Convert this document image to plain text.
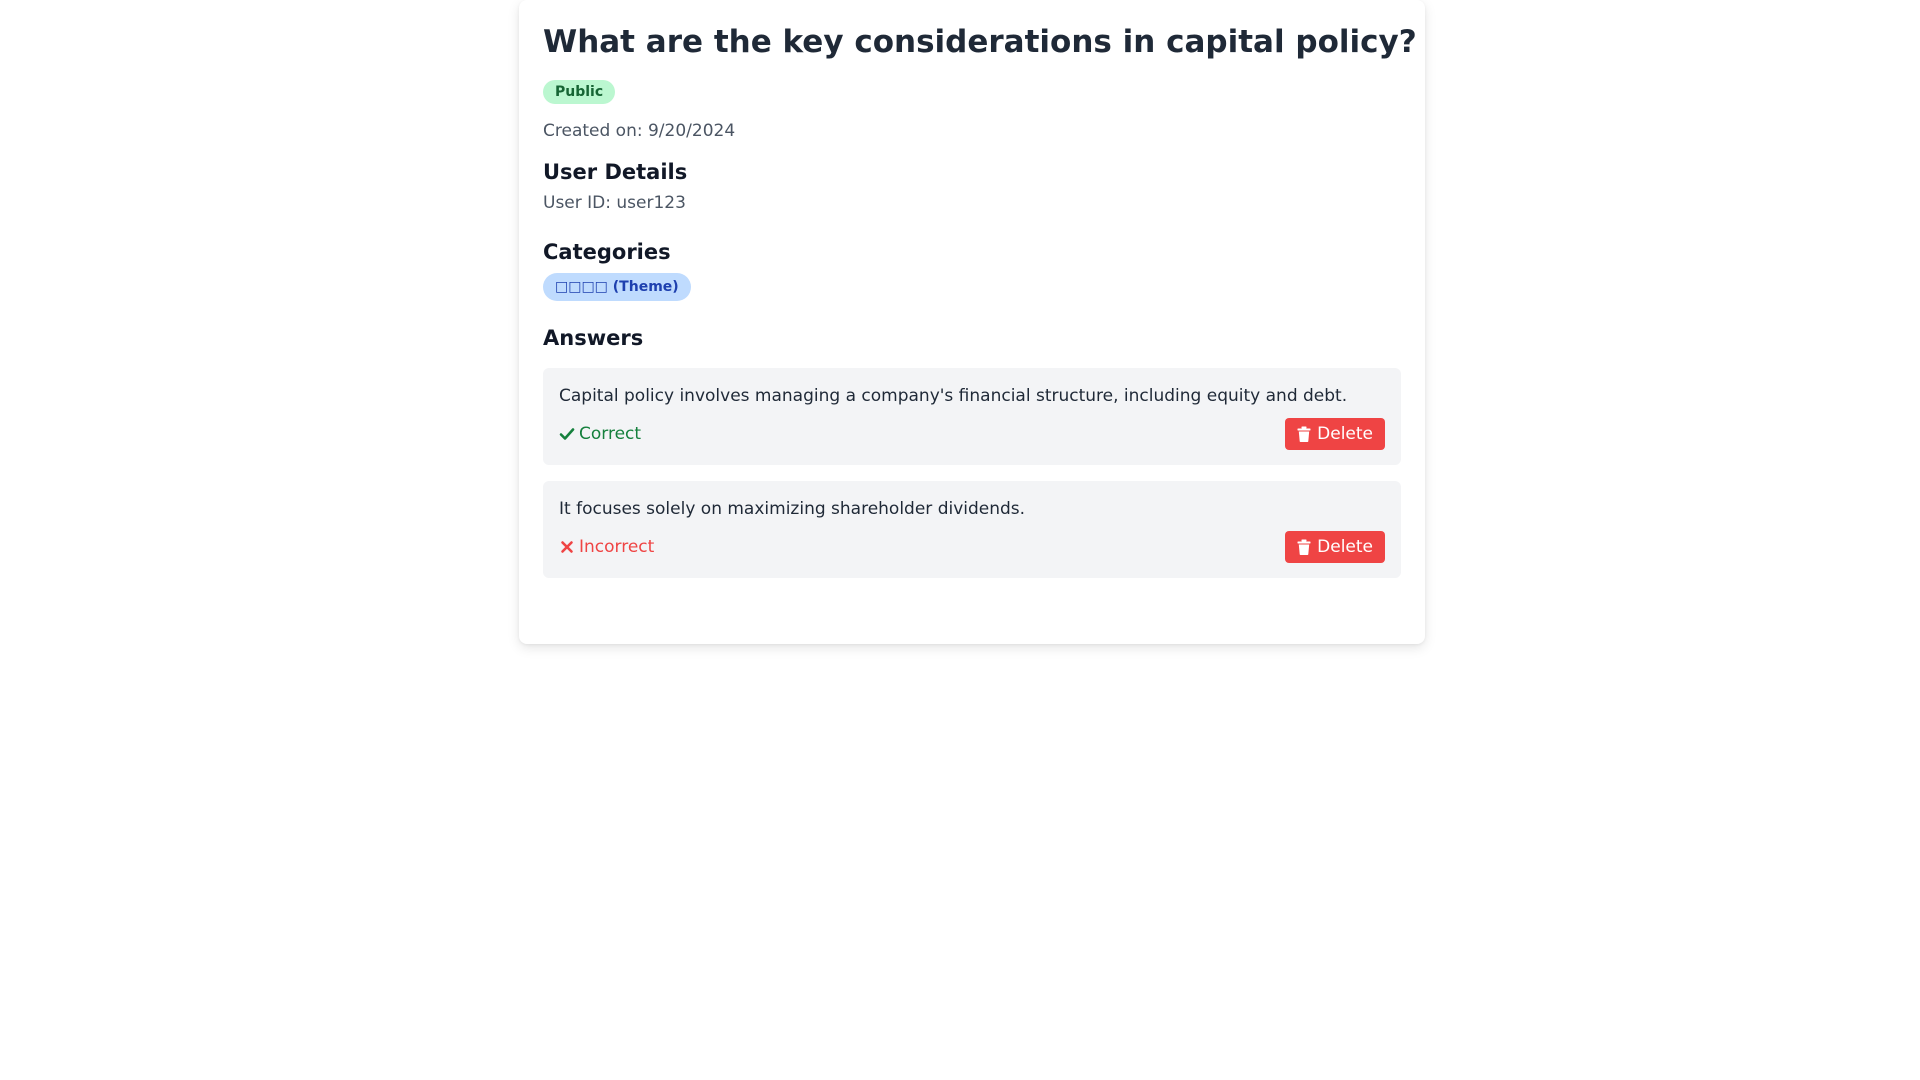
What are the key considerations in capital policy?
Public
Created on: 9/20/2024
User Details
User ID: user123
Categories
□□□□ (Theme)
Answers
Capital policy involves managing a company's financial structure, including equity and debt.
Correct	Delete
It focuses solely on maximizing shareholder dividends.
Incorrect	Delete
